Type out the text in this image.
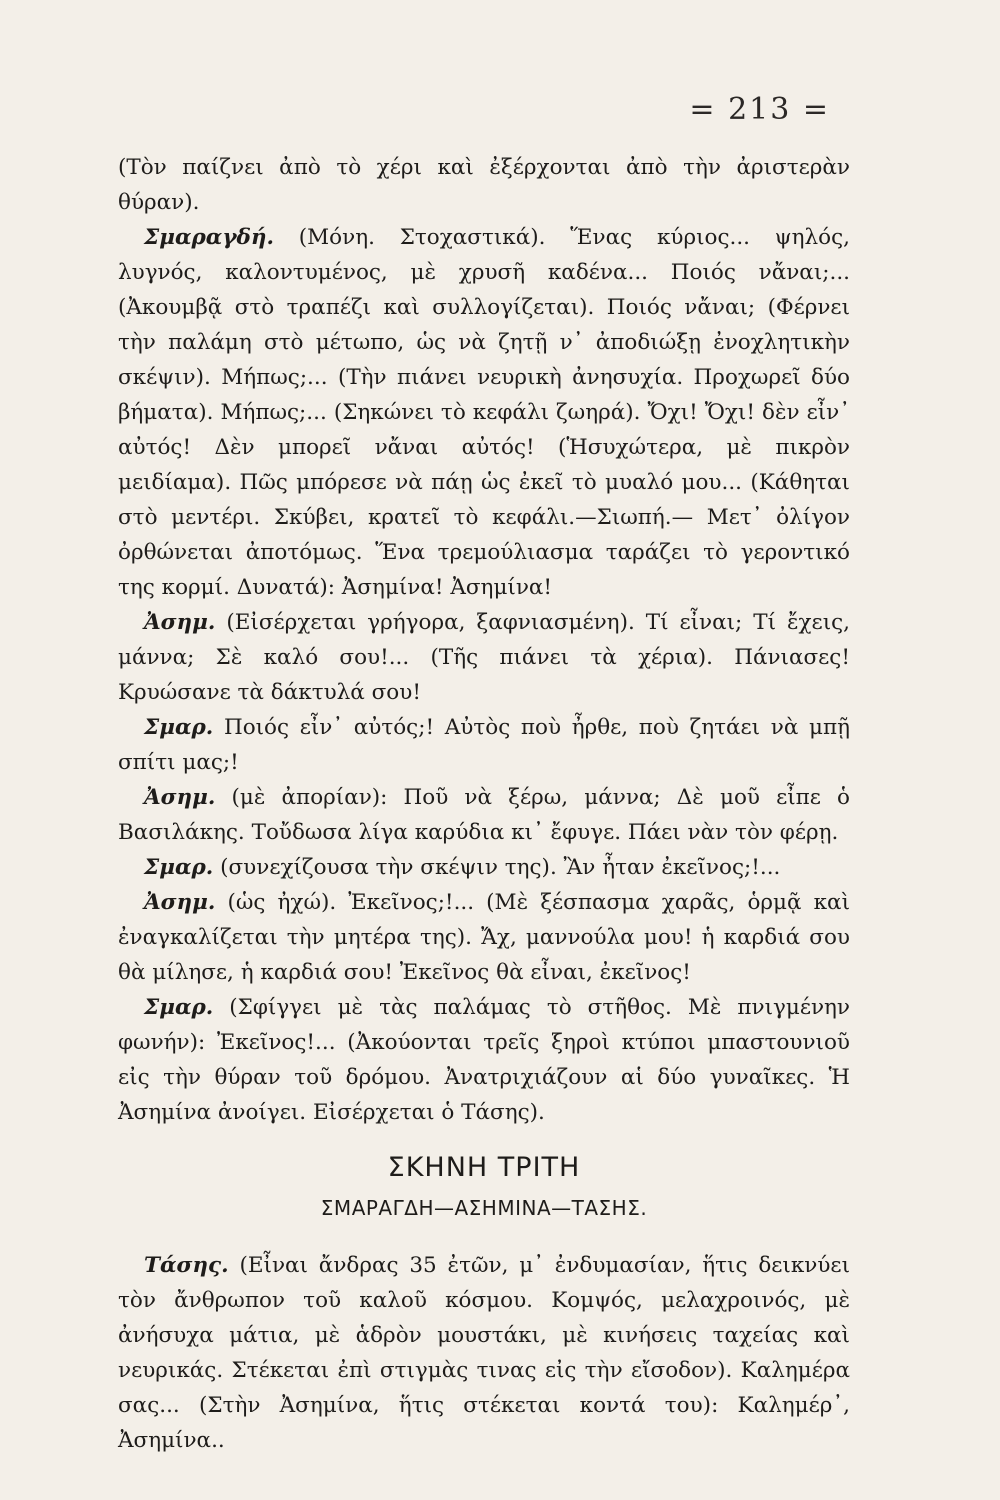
= 213 =

(Τὸν παίζνει ἀπὸ τὸ χέρι καὶ ἐξέρχονται ἀπὸ τὴν ἀριστερὰν θύραν).

Σμαραγδή. (Μόνη. Στοχαστικά). Ἕνας κύριος... ψηλός, λυγνός, καλοντυμένος, μὲ χρυσῆ καδένα... Ποιός νἄναι;... (Ἀκουμβᾷ στὸ τραπέζι καὶ συλλογίζεται). Ποιός νἄναι; (Φέρνει τὴν παλάμη στὸ μέτωπο, ὡς νὰ ζητῇ ν᾿ ἀποδιώξῃ ἐνοχλητικὴν σκέψιν). Μήπως;... (Τὴν πιάνει νευρικὴ ἀνησυχία. Προχωρεῖ δύο βήματα). Μήπως;... (Σηκώνει τὸ κεφάλι ζωηρά). Ὄχι! Ὄχι! δὲν εἶν᾿ αὐτός! Δὲν μπορεῖ νἄναι αὐτός! (Ἡσυχώτερα, μὲ πικρὸν μειδίαμα). Πῶς μπόρεσε νὰ πάῃ ὡς ἐκεῖ τὸ μυαλό μου... (Κάθηται στὸ μεντέρι. Σκύβει, κρατεῖ τὸ κεφάλι.—Σιωπή.— Μετ᾿ ὀλίγον ὀρθώνεται ἀποτόμως. Ἕνα τρεμούλιασμα ταράζει τὸ γεροντικό της κορμί. Δυνατά): Ἀσημίνα! Ἀσημίνα!

Ἀσημ. (Εἰσέρχεται γρήγορα, ξαφνιασμένη). Τί εἶναι; Τί ἔχεις, μάννα; Σὲ καλό σου!... (Τῆς πιάνει τὰ χέρια). Πάνιασες! Κρυώσανε τὰ δάκτυλά σου!

Σμαρ. Ποιός εἶν᾿ αὐτός;! Αὐτὸς ποὺ ἦρθε, ποὺ ζητάει νὰ μπῇ σπίτι μας;!

Ἀσημ. (μὲ ἀπορίαν): Ποῦ νὰ ξέρω, μάννα; Δὲ μοῦ εἶπε ὁ Βασιλάκης. Τοὔδωσα λίγα καρύδια κι᾿ ἔφυγε. Πάει νὰν τὸν φέρῃ.

Σμαρ. (συνεχίζουσα τὴν σκέψιν της). Ἂν ἦταν ἐκεῖνος;!...

Ἀσημ. (ὡς ἠχώ). Ἐκεῖνος;!... (Μὲ ξέσπασμα χαρᾶς, ὁρμᾷ καὶ ἐναγκαλίζεται τὴν μητέρα της). Ἄχ, μαννούλα μου! ἡ καρδιά σου θὰ μίλησε, ἡ καρδιά σου! Ἐκεῖνος θὰ εἶναι, ἐκεῖνος!

Σμαρ. (Σφίγγει μὲ τὰς παλάμας τὸ στῆθος. Μὲ πνιγμένην φωνήν): Ἐκεῖνος!... (Ἀκούονται τρεῖς ξηροὶ κτύποι μπαστουνιοῦ εἰς τὴν θύραν τοῦ δρόμου. Ἀνατριχιάζουν αἱ δύο γυναῖκες. Ἡ Ἀσημίνα ἀνοίγει. Εἰσέρχεται ὁ Τάσης).

ΣΚΗΝΗ ΤΡΙΤΗ
ΣΜΑΡΑΓΔΗ—ΑΣΗΜΙΝΑ—ΤΑΣΗΣ.

Τάσης. (Εἶναι ἄνδρας 35 ἐτῶν, μ᾿ ἐνδυμασίαν, ἥτις δεικνύει τὸν ἄνθρωπον τοῦ καλοῦ κόσμου. Κομψός, μελαχροινός, μὲ ἀνήσυχα μάτια, μὲ ἁδρὸν μουστάκι, μὲ κινήσεις ταχείας καὶ νευρικάς. Στέκεται ἐπὶ στιγμὰς τινας εἰς τὴν εἴσοδον). Καλημέρα σας... (Στὴν Ἀσημίνα, ἥτις στέκεται κοντά του): Καλημέρ᾿, Ἀσημίνα..
